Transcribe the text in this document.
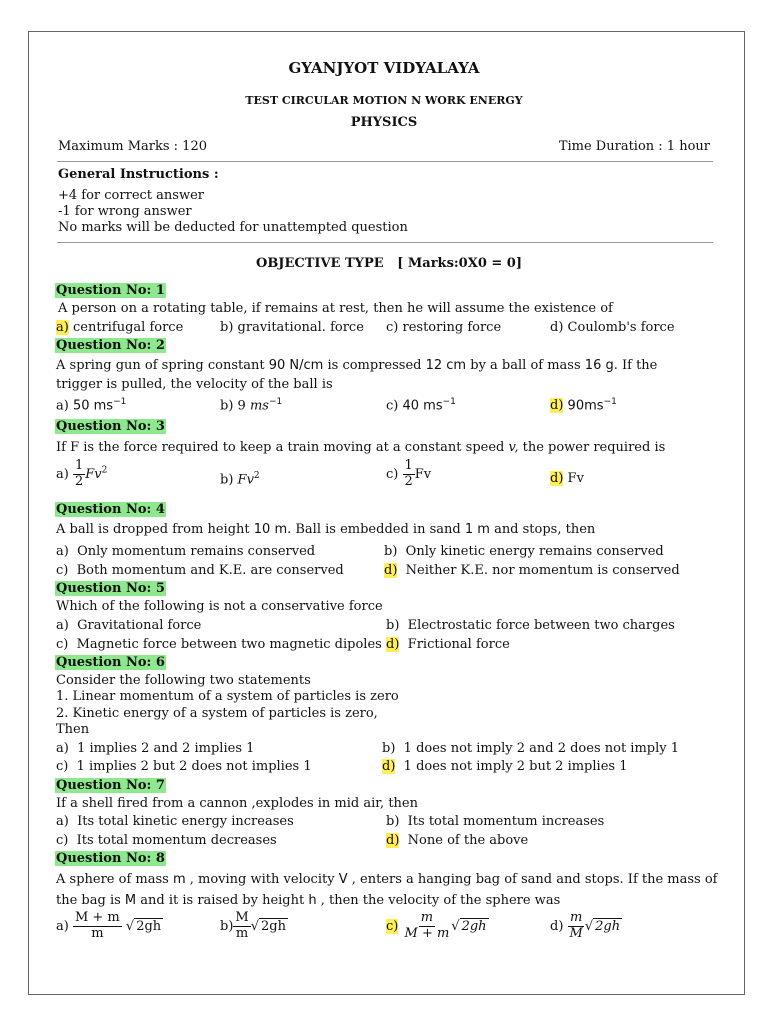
GYANJYOT VIDYALAYA
TEST CIRCULAR MOTION N WORK ENERGY
PHYSICS
Maximum Marks : 120	Time Duration : 1 hour
General Instructions :
+4 for correct answer
-1 for wrong answer
No marks will be deducted for unattempted question
OBJECTIVE TYPE [ Marks:0X0 = 0]
Question No: 1
A person on a rotating table, if remains at rest, then he will assume the existence of
a) centrifugal force	b) gravitational. force c) restoring force	d) Coulomb's force
Question No: 2
A spring gun of spring constant 90 N/cm is compressed 12 cm by a ball of mass 16 g. If the
trigger is pulled, the velocity of the ball is
a) 50 $ms^{-1}$	b) 9 $ms^{-1}$	c) 40 $ms^{-1}$	d) $90ms^{-1}$
Question No: 3
If F is the force required to keep a train moving at a constant speed v, the power required is
$a) \frac{1}{2} Fv^2$
b) Fv$^2$	$c) \frac{1}{2}$ Fv	d) Fv
Question No: 4
A ball is dropped from height 10 m. Ball is embedded in sand 1 m and stops, then
a) Only momentum remains conserved	b) Only kinetic energy remains conserved
c) Both momentum and K.E. are conserved	d) Neither K.E. nor momentum is conserved
Question No: 5
Which of the following is not a conservative force
a) Gravitational force	b) Electrostatic force between two charges
c) Magnetic force between two magnetic dipoles d) Frictional force
Question No: 6
Consider the following two statements
1. Linear momentum of a system of particles is zero
2. Kinetic energy of a system of particles is zero,
Then
a) 1 implies 2 and 2 implies 1	b) 1 does not imply 2 and 2 does not imply 1
c) 1 implies 2 but 2 does not implies 1	d) 1 does not imply 2 but 2 implies 1
Question No: 7
If a shell fired from a cannon ,explodes in mid air, then
a) Its total kinetic energy increases	b) Its total momentum increases
c) Its total momentum decreases	d) None of the above
Question No: 8
A sphere of mass m , moving with velocity V , enters a hanging bag of sand and stops. If the mass of
the bag is M and it is raised by height h , then the velocity of the sphere was
$a) \frac{M + m}{m}$ √ 2gh	$b) \frac{M}{m}$ √ 2gh	$c) \frac{m}{M + m}$ √ 2gh	$d) \frac{m}{M}$ √ 2gh
